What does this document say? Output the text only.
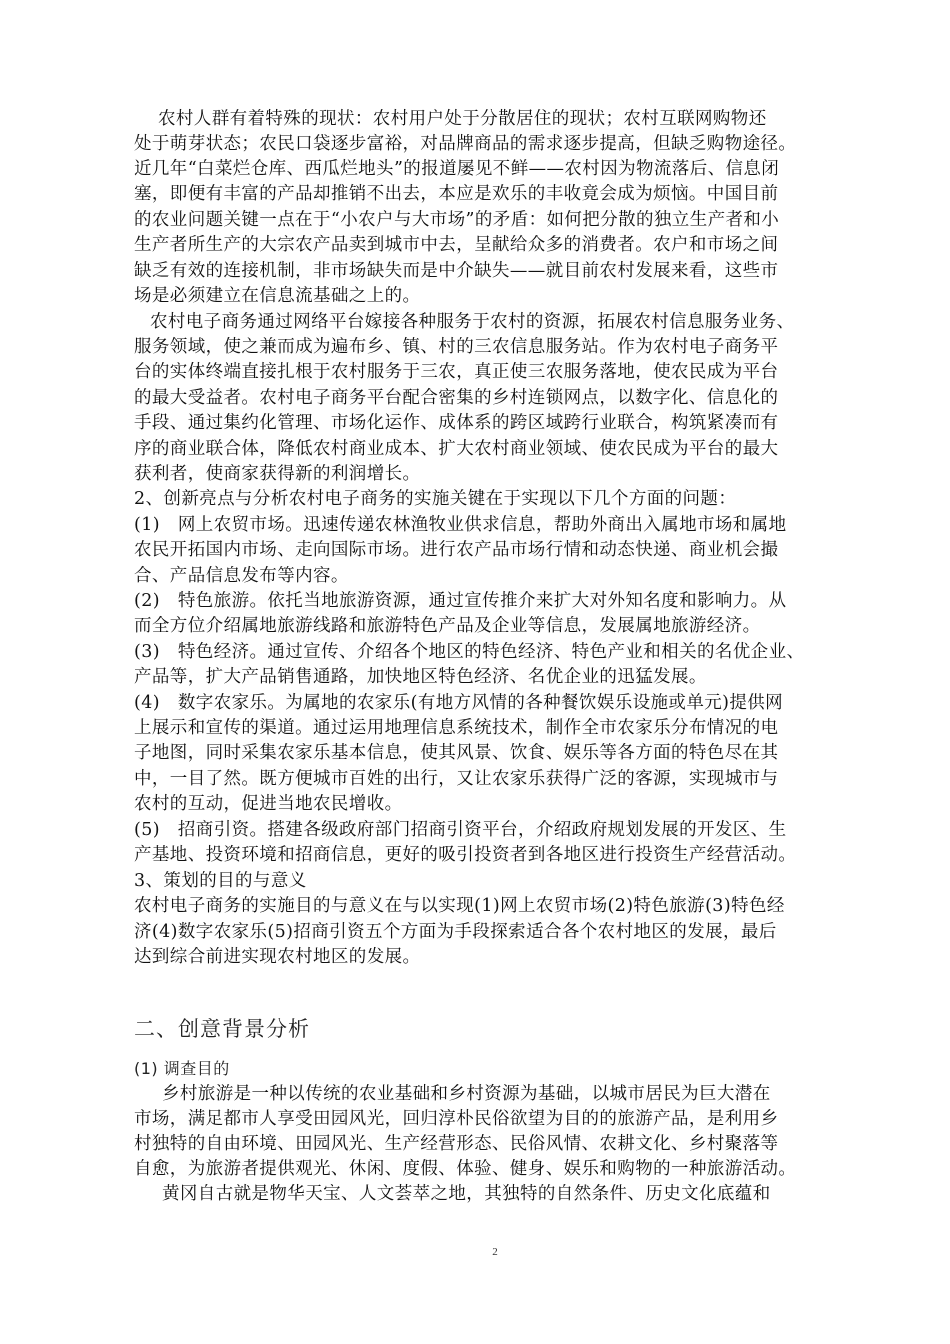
农村人群有着特殊的现状：农村用户处于分散居住的现状；农村互联网购物还
处于萌芽状态；农民口袋逐步富裕，对品牌商品的需求逐步提高，但缺乏购物途径。
近几年“白菜烂仓库、西瓜烂地头”的报道屡见不鲜——农村因为物流落后、信息闭
塞，即便有丰富的产品却推销不出去，本应是欢乐的丰收竟会成为烦恼。中国目前
的农业问题关键一点在于“小农户与大市场”的矛盾：如何把分散的独立生产者和小
生产者所生产的大宗农产品卖到城市中去，呈献给众多的消费者。农户和市场之间
缺乏有效的连接机制，非市场缺失而是中介缺失——就目前农村发展来看，这些市
场是必须建立在信息流基础之上的。
农村电子商务通过网络平台嫁接各种服务于农村的资源，拓展农村信息服务业务、
服务领域，使之兼而成为遍布乡、镇、村的三农信息服务站。作为农村电子商务平
台的实体终端直接扎根于农村服务于三农，真正使三农服务落地，使农民成为平台
的最大受益者。农村电子商务平台配合密集的乡村连锁网点，以数字化、信息化的
手段、通过集约化管理、市场化运作、成体系的跨区域跨行业联合，构筑紧凑而有
序的商业联合体，降低农村商业成本、扩大农村商业领域、使农民成为平台的最大
获利者，使商家获得新的利润增长。
2、创新亮点与分析农村电子商务的实施关键在于实现以下几个方面的问题：
(1)　网上农贸市场。迅速传递农林渔牧业供求信息，帮助外商出入属地市场和属地
农民开拓国内市场、走向国际市场。进行农产品市场行情和动态快递、商业机会撮
合、产品信息发布等内容。
(2)　特色旅游。依托当地旅游资源，通过宣传推介来扩大对外知名度和影响力。从
而全方位介绍属地旅游线路和旅游特色产品及企业等信息，发展属地旅游经济。
(3)　特色经济。通过宣传、介绍各个地区的特色经济、特色产业和相关的名优企业、
产品等，扩大产品销售通路，加快地区特色经济、名优企业的迅猛发展。
(4)　数字农家乐。为属地的农家乐(有地方风情的各种餐饮娱乐设施或单元)提供网
上展示和宣传的渠道。通过运用地理信息系统技术，制作全市农家乐分布情况的电
子地图，同时采集农家乐基本信息，使其风景、饮食、娱乐等各方面的特色尽在其
中，一目了然。既方便城市百姓的出行，又让农家乐获得广泛的客源，实现城市与
农村的互动，促进当地农民增收。
(5)　招商引资。搭建各级政府部门招商引资平台，介绍政府规划发展的开发区、生
产基地、投资环境和招商信息，更好的吸引投资者到各地区进行投资生产经营活动。
3、策划的目的与意义
农村电子商务的实施目的与意义在与以实现(1)网上农贸市场(2)特色旅游(3)特色经
济(4)数字农家乐(5)招商引资五个方面为手段探索适合各个农村地区的发展，最后
达到综合前进实现农村地区的发展。
二、创意背景分析
(1) 调查目的
乡村旅游是一种以传统的农业基础和乡村资源为基础，以城市居民为巨大潜在
市场，满足都市人享受田园风光，回归淳朴民俗欲望为目的的旅游产品，是利用乡
村独特的自由环境、田园风光、生产经营形态、民俗风情、农耕文化、乡村聚落等
自愈，为旅游者提供观光、休闲、度假、体验、健身、娱乐和购物的一种旅游活动。
黄冈自古就是物华天宝、人文荟萃之地，其独特的自然条件、历史文化底蕴和
2
